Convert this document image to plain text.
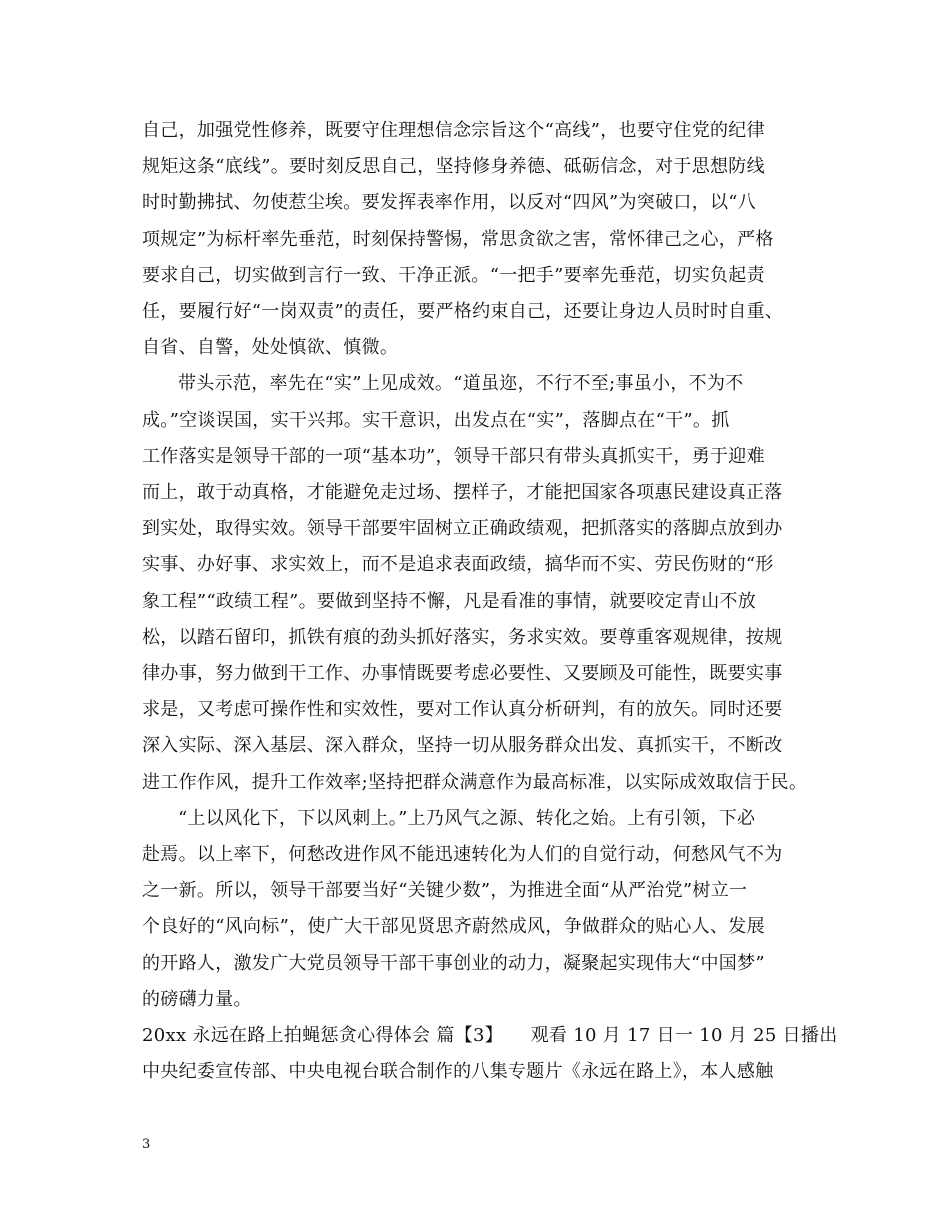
自己，加强党性修养，既要守住理想信念宗旨这个“高线”，也要守住党的纪律
规矩这条“底线”。要时刻反思自己，坚持修身养德、砥砺信念，对于思想防线
时时勤拂拭、勿使惹尘埃。要发挥表率作用，以反对“四风”为突破口，以“八
项规定”为标杆率先垂范，时刻保持警惕，常思贪欲之害，常怀律己之心，严格
要求自己，切实做到言行一致、干净正派。“一把手”要率先垂范，切实负起责
任，要履行好“一岗双责”的责任，要严格约束自己，还要让身边人员时时自重、
自省、自警，处处慎欲、慎微。

带头示范，率先在“实”上见成效。“道虽迩，不行不至;事虽小，不为不
成。”空谈误国，实干兴邦。实干意识，出发点在“实”，落脚点在“干”。抓
工作落实是领导干部的一项“基本功”，领导干部只有带头真抓实干，勇于迎难
而上，敢于动真格，才能避免走过场、摆样子，才能把国家各项惠民建设真正落
到实处，取得实效。领导干部要牢固树立正确政绩观，把抓落实的落脚点放到办
实事、办好事、求实效上，而不是追求表面政绩，搞华而不实、劳民伤财的“形
象工程”“政绩工程”。要做到坚持不懈，凡是看准的事情，就要咬定青山不放
松，以踏石留印，抓铁有痕的劲头抓好落实，务求实效。要尊重客观规律，按规
律办事，努力做到干工作、办事情既要考虑必要性、又要顾及可能性，既要实事
求是，又考虑可操作性和实效性，要对工作认真分析研判，有的放矢。同时还要
深入实际、深入基层、深入群众，坚持一切从服务群众出发、真抓实干，不断改
进工作作风，提升工作效率;坚持把群众满意作为最高标准，以实际成效取信于民。

“上以风化下，下以风刺上。”上乃风气之源、转化之始。上有引领，下必
赴焉。以上率下，何愁改进作风不能迅速转化为人们的自觉行动，何愁风气不为
之一新。所以，领导干部要当好“关键少数”，为推进全面“从严治党”树立一
个良好的“风向标”，使广大干部见贤思齐蔚然成风，争做群众的贴心人、发展
的开路人，激发广大党员领导干部干事创业的动力，凝聚起实现伟大“中国梦”
的磅礴力量。

20xx 永远在路上拍蝇惩贪心得体会 篇【3】　　观看 10 月 17 日一 10 月 25 日播出
中央纪委宣传部、中央电视台联合制作的八集专题片《永远在路上》，本人感触

3
